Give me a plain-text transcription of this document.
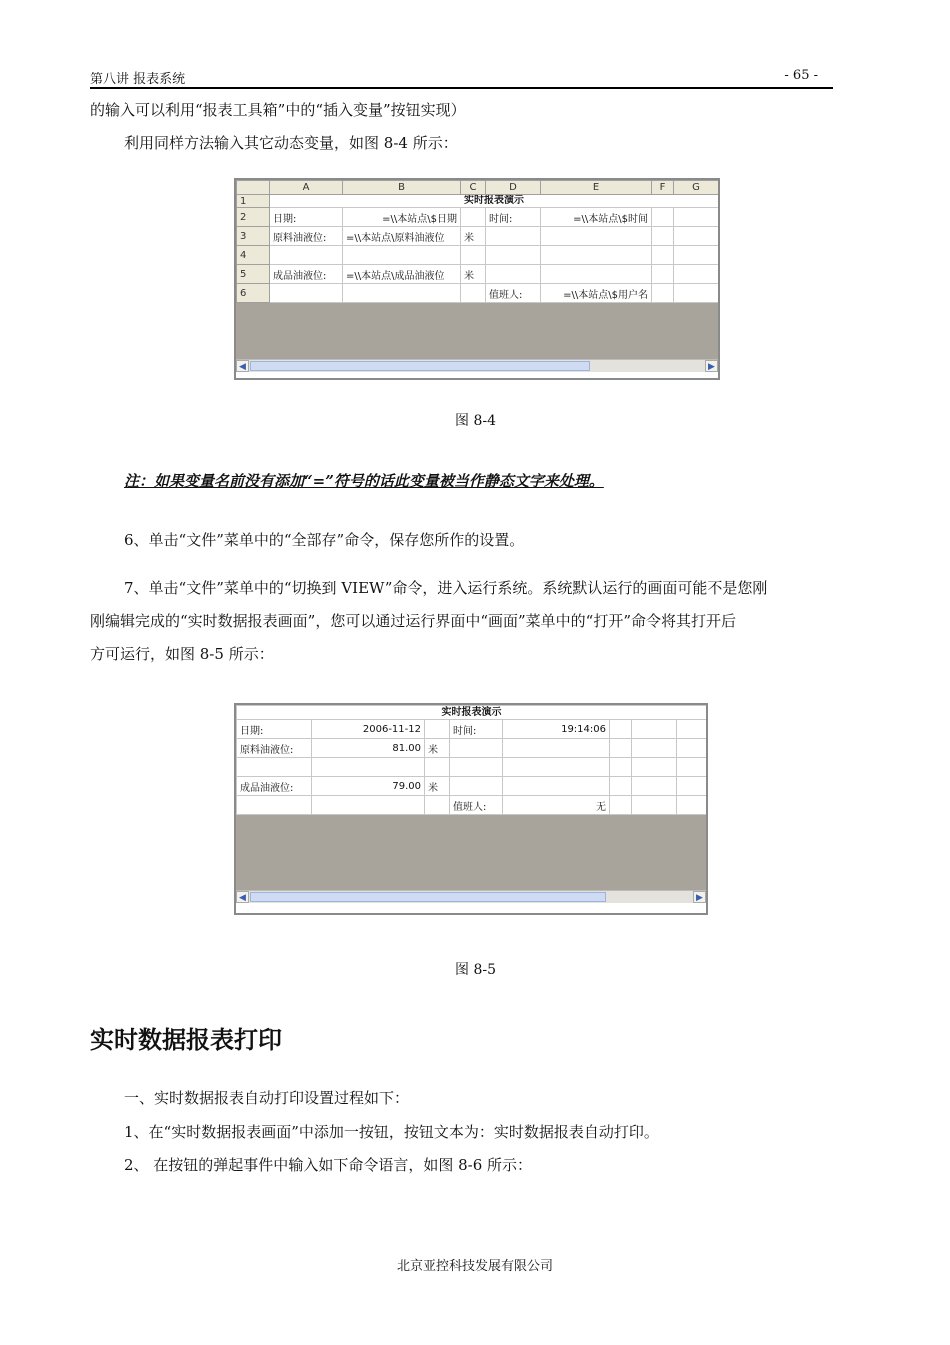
第八讲 报表系统	- 65 -
的输入可以利用“报表工具箱”中的“插入变量”按钮实现）
利用同样方法输入其它动态变量，如图 8-4 所示：
	A	B	C	D	E	F	G
1	实时报表演示						
2	日期:	=\\本站点\$日期		时间:	=\\本站点\$时间		
3	原料油液位:	=\\本站点\原料油液位	米				
4							
5	成品油液位:	=\\本站点\成品油液位	米				
6				值班人:	=\\本站点\$用户名		
◀	▶
图 8-4
注：如果变量名前没有添加“=”符号的话此变量被当作静态文字来处理。
6、单击“文件”菜单中的“全部存”命令，保存您所作的设置。
7、单击“文件”菜单中的“切换到 VIEW”命令，进入运行系统。系统默认运行的画面可能不是您刚
刚编辑完成的“实时数据报表画面”，您可以通过运行界面中“画面”菜单中的“打开”命令将其打开后
方可运行，如图 8-5 所示：
实时报表演示							
日期:	2006-11-12		时间:	19:14:06			
原料油液位:	81.00	米					

成品油液位:	79.00	米					
			值班人:	无			
◀	▶
图 8-5
实时数据报表打印
一、实时数据报表自动打印设置过程如下：
1、在“实时数据报表画面”中添加一按钮，按钮文本为：实时数据报表自动打印。
2、 在按钮的弹起事件中输入如下命令语言，如图 8-6 所示：
北京亚控科技发展有限公司
